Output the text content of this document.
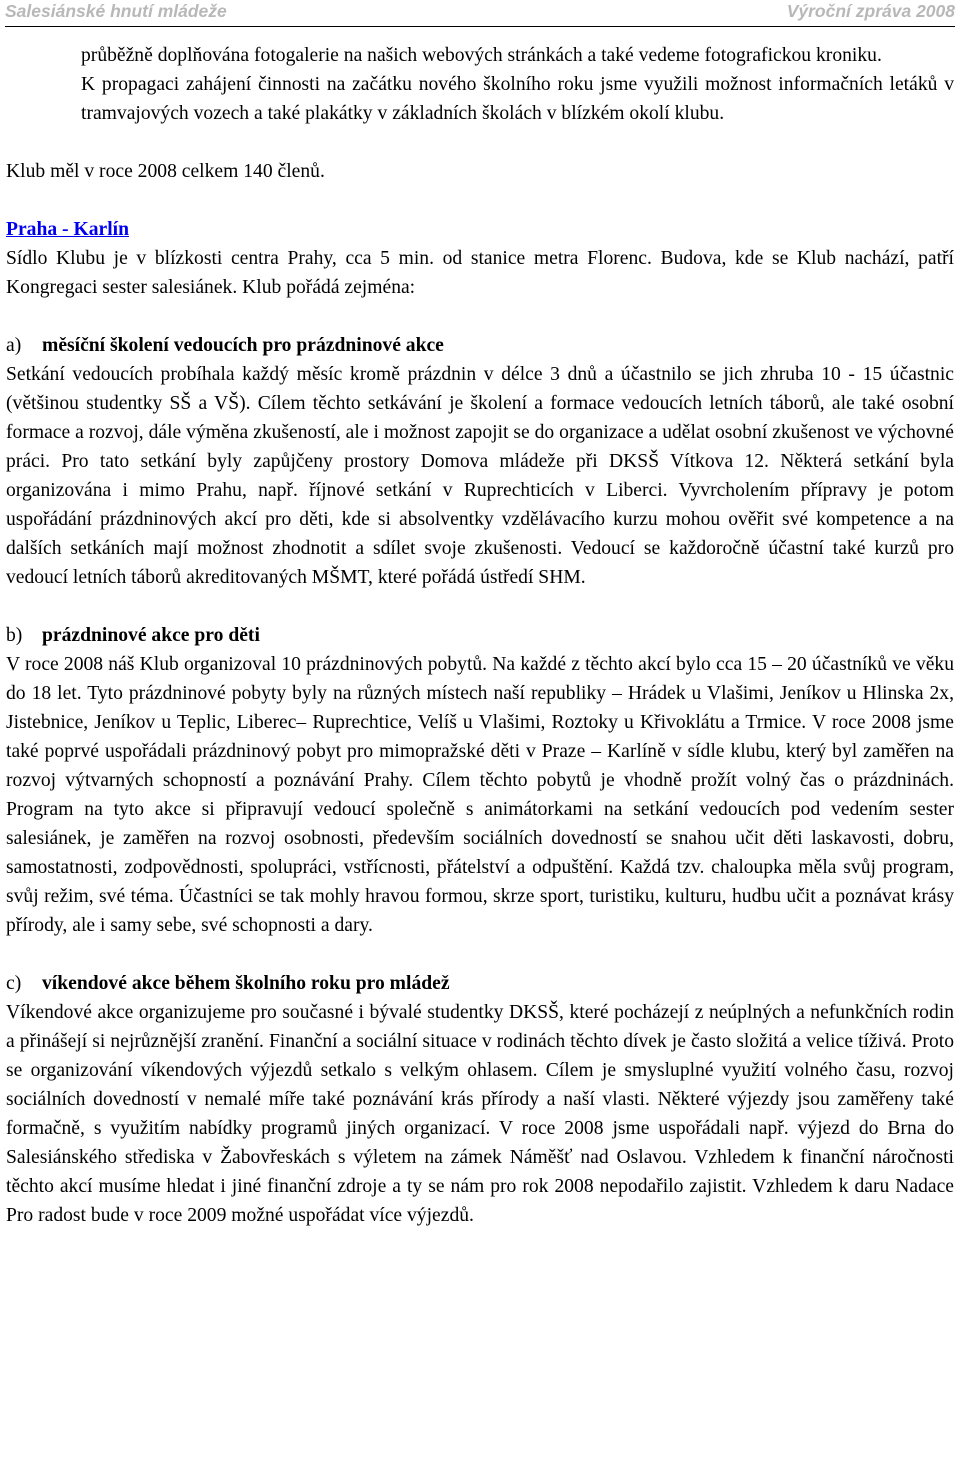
Salesiánské hnutí mládeže	Výroční zpráva 2008

průběžně doplňována fotogalerie na našich webových stránkách a také vedeme fotografickou kroniku.

K propagaci zahájení činnosti na začátku nového školního roku jsme využili možnost informačních letáků v tramvajových vozech a také plakátky v základních školách v blízkém okolí klubu.

Klub měl v roce 2008 celkem 140 členů.

Praha - Karlín

Sídlo Klubu je v blízkosti centra Prahy, cca 5 min. od stanice metra Florenc. Budova, kde se Klub nachází, patří Kongregaci sester salesiánek. Klub pořádá zejména:

a) měsíční školení vedoucích pro prázdninové akce

Setkání vedoucích probíhala každý měsíc kromě prázdnin v délce 3 dnů a účastnilo se jich zhruba 10 - 15 účastnic (většinou studentky SŠ a VŠ). Cílem těchto setkávání je školení a formace vedoucích letních táborů, ale také osobní formace a rozvoj, dále výměna zkušeností, ale i možnost zapojit se do organizace a udělat osobní zkušenost ve výchovné práci. Pro tato setkání byly zapůjčeny prostory Domova mládeže při DKSŠ Vítkova 12. Některá setkání byla organizována i mimo Prahu, např. říjnové setkání v Ruprechticích v Liberci. Vyvrcholením přípravy je potom uspořádání prázdninových akcí pro děti, kde si absolventky vzdělávacího kurzu mohou ověřit své kompetence a na dalších setkáních mají možnost zhodnotit a sdílet svoje zkušenosti. Vedoucí se každoročně účastní také kurzů pro vedoucí letních táborů akreditovaných MŠMT, které pořádá ústředí SHM.

b) prázdninové akce pro děti

V roce 2008 náš Klub organizoval 10 prázdninových pobytů. Na každé z těchto akcí bylo cca 15 – 20 účastníků ve věku do 18 let. Tyto prázdninové pobyty byly na různých místech naší republiky – Hrádek u Vlašimi, Jeníkov u Hlinska 2x, Jistebnice, Jeníkov u Teplic, Liberec– Ruprechtice, Velíš u Vlašimi, Roztoky u Křivoklátu a Trmice. V roce 2008 jsme také poprvé uspořádali prázdninový pobyt pro mimopražské děti v Praze – Karlíně v sídle klubu, který byl zaměřen na rozvoj výtvarných schopností a poznávání Prahy. Cílem těchto pobytů je vhodně prožít volný čas o prázdninách. Program na tyto akce si připravují vedoucí společně s animátorkami na setkání vedoucích pod vedením sester salesiánek, je zaměřen na rozvoj osobnosti, především sociálních dovedností se snahou učit děti laskavosti, dobru, samostatnosti, zodpovědnosti, spolupráci, vstřícnosti, přátelství a odpuštění. Každá tzv. chaloupka měla svůj program, svůj režim, své téma. Účastníci se tak mohly hravou formou, skrze sport, turistiku, kulturu, hudbu učit a poznávat krásy přírody, ale i samy sebe, své schopnosti a dary.

c) víkendové akce během školního roku pro mládež

Víkendové akce organizujeme pro současné i bývalé studentky DKSŠ, které pocházejí z neúplných a nefunkčních rodin a přinášejí si nejrůznější zranění. Finanční a sociální situace v rodinách těchto dívek je často složitá a velice tíživá. Proto se organizování víkendových výjezdů setkalo s velkým ohlasem. Cílem je smysluplné využití volného času, rozvoj sociálních dovedností v nemalé míře také poznávání krás přírody a naší vlasti. Některé výjezdy jsou zaměřeny také formačně, s využitím nabídky programů jiných organizací. V roce 2008 jsme uspořádali např. výjezd do Brna do Salesiánského střediska v Žabovřeskách s výletem na zámek Náměšť nad Oslavou. Vzhledem k finanční náročnosti těchto akcí musíme hledat i jiné finanční zdroje a ty se nám pro rok 2008 nepodařilo zajistit. Vzhledem k daru Nadace Pro radost bude v roce 2009 možné uspořádat více výjezdů.
